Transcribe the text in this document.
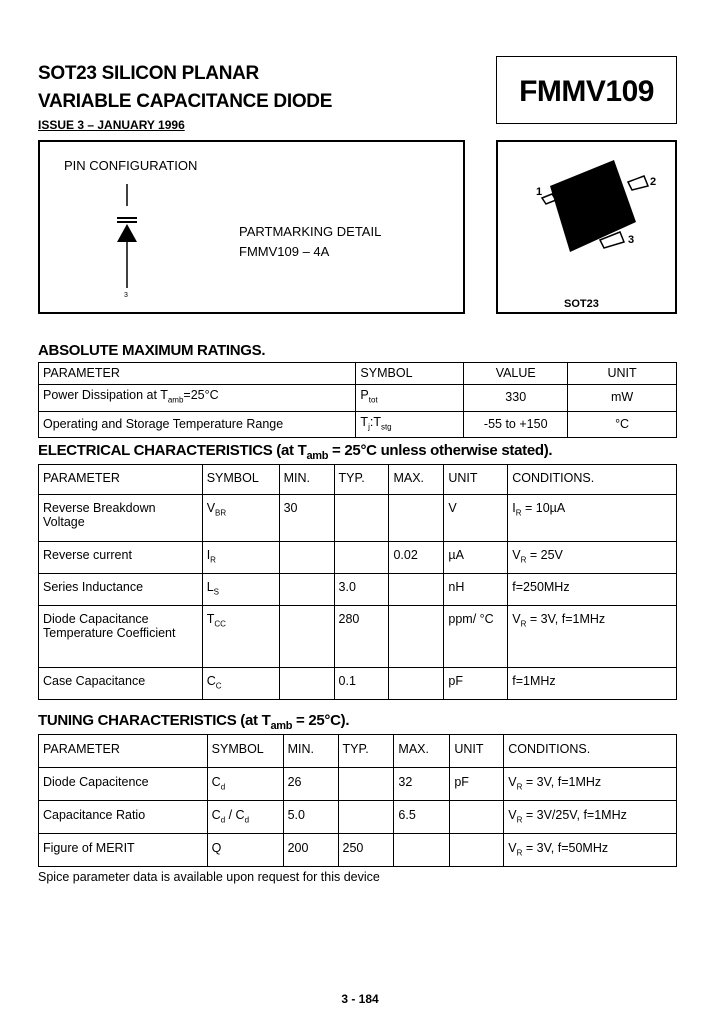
SOT23 SILICON PLANAR
VARIABLE CAPACITANCE DIODE
ISSUE 3 – JANUARY 1996
FMMV109
PIN CONFIGURATION
3
PARTMARKING DETAIL
FMMV109 – 4A
1
2
3
SOT23
ABSOLUTE MAXIMUM RATINGS.
PARAMETER	SYMBOL	VALUE	UNIT
Power Dissipation at $T_{amb}=25^\circ C$	$P_{tot}$	330	mW
Operating and Storage Temperature Range	$T_j:T_{stg}$	-55 to +150	°C
ELECTRICAL CHARACTERISTICS (at $T_{amb} = 25^\circ C$ unless otherwise stated).
PARAMETER	SYMBOL	MIN.	TYP.	MAX.	UNIT	CONDITIONS.
Reverse Breakdown Voltage	$V_{BR}$	30			V	$I_R = 10\mu A$
Reverse current	$I_R$			0.02	µA	$V_R = 25V$
Series Inductance	$L_S$		3.0		nH	f=250MHz
Diode Capacitance Temperature Coefficient	$T_{CC}$		280		ppm/ °C	$V_R = 3V$, f=1MHz
Case Capacitance	$C_C$		0.1		pF	f=1MHz
TUNING CHARACTERISTICS (at $T_{amb} = 25^\circ C$).
PARAMETER	SYMBOL	MIN.	TYP.	MAX.	UNIT	CONDITIONS.
Diode Capacitence	$C_d$	26		32	pF	$V_R = 3V$, f=1MHz
Capacitance Ratio	$C_d / C_d$	5.0		6.5		$V_R = 3V/25V$, f=1MHz
Figure of MERIT	Q	200	250			$V_R = 3V$, f=50MHz
Spice parameter data is available upon request for this device
3 - 184
